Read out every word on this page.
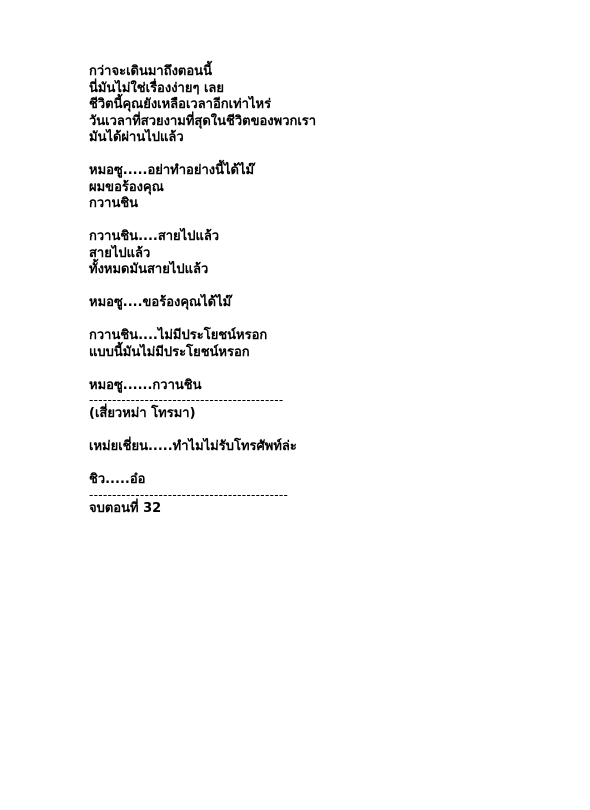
กว่าจะเดินมาถึงตอนนี้
นี่มันไม่ใช่เรื่องง่ายๆ เลย
ชีวิตนี้คุณยังเหลือเวลาอีกเท่าไหร่
วันเวลาที่สวยงามที่สุดในชีวิตของพวกเรา
มันได้ผ่านไปแล้ว
หมอซู.....อย่าทำอย่างนี้ได้ไม๊
ผมขอร้องคุณ
กวานชิน
กวานชิน....สายไปแล้ว
สายไปแล้ว
ทั้งหมดมันสายไปแล้ว
หมอซู....ขอร้องคุณได้ไม๊
กวานชิน....ไม่มีประโยชน์หรอก
แบบนี้มันไม่มีประโยชน์หรอก
หมอซู......กวานชิน
------------------------------------------
(เสี่ยวหม่า โทรมา)
เหม่ยเชี่ยน.....ทำไมไม่รับโทรศัพท์ล่ะ
ชิว.....อ๋อ
-------------------------------------------
จบตอนที่ 32
